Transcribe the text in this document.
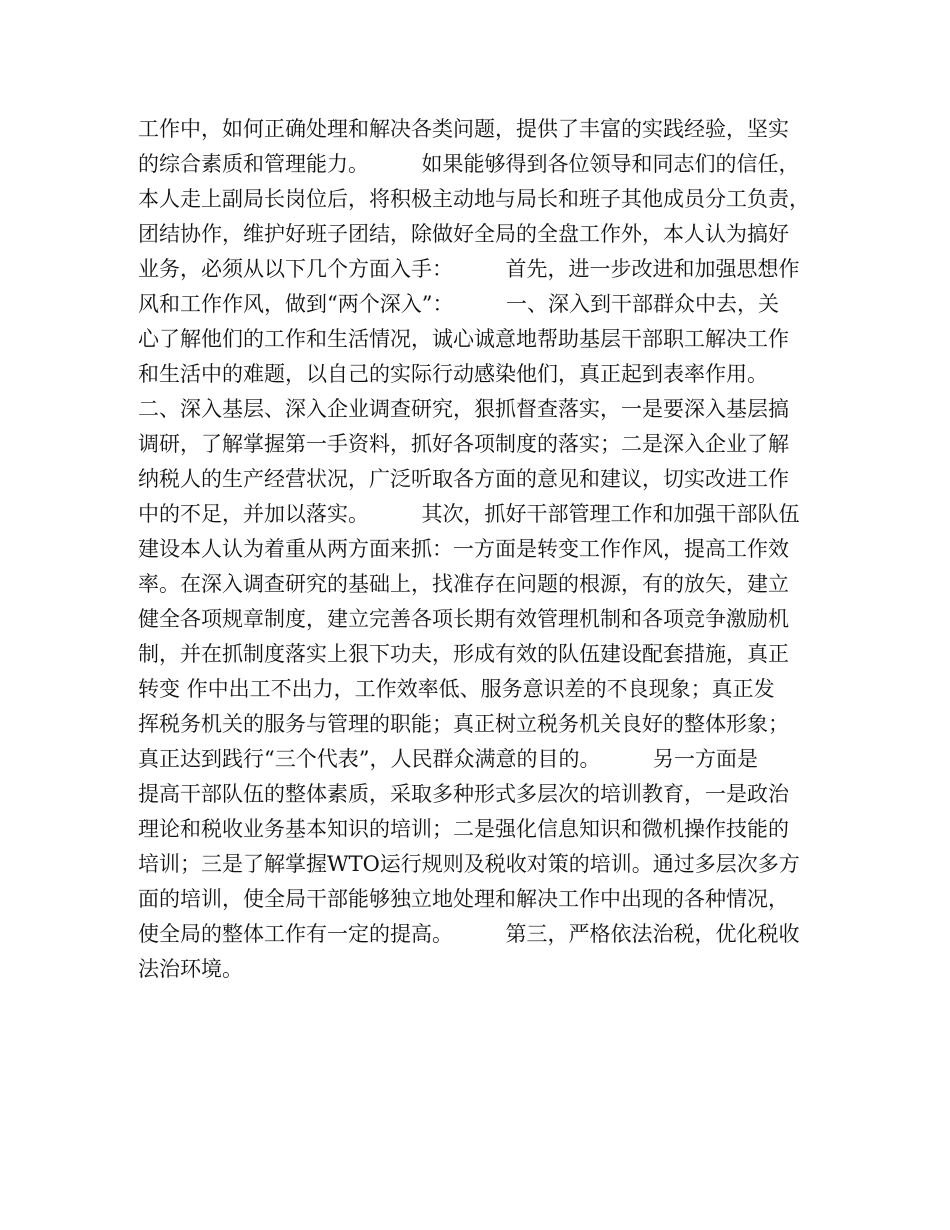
工作中，如何正确处理和解决各类问题，提供了丰富的实践经验，坚实
的综合素质和管理能力。　　　如果能够得到各位领导和同志们的信任，
本人走上副局长岗位后，将积极主动地与局长和班子其他成员分工负责，
团结协作，维护好班子团结，除做好全局的全盘工作外，本人认为搞好
业务，必须从以下几个方面入手：　　　首先，进一步改进和加强思想作
风和工作作风，做到“两个深入”：　　　一、深入到干部群众中去，关
心了解他们的工作和生活情况，诚心诚意地帮助基层干部职工解决工作
和生活中的难题，以自己的实际行动感染他们，真正起到表率作用。
二、深入基层、深入企业调查研究，狠抓督查落实，一是要深入基层搞
调研，了解掌握第一手资料，抓好各项制度的落实；二是深入企业了解
纳税人的生产经营状况，广泛听取各方面的意见和建议，切实改进工作
中的不足，并加以落实。　　　其次，抓好干部管理工作和加强干部队伍
建设本人认为着重从两方面来抓：一方面是转变工作作风，提高工作效
率。在深入调查研究的基础上，找准存在问题的根源，有的放矢，建立
健全各项规章制度，建立完善各项长期有效管理机制和各项竞争激励机
制，并在抓制度落实上狠下功夫，形成有效的队伍建设配套措施，真正
转变 作中出工不出力，工作效率低、服务意识差的不良现象；真正发
挥税务机关的服务与管理的职能；真正树立税务机关良好的整体形象；
真正达到践行“三个代表”，人民群众满意的目的。　　　另一方面是
提高干部队伍的整体素质，采取多种形式多层次的培训教育，一是政治
理论和税收业务基本知识的培训；二是强化信息知识和微机操作技能的
培训；三是了解掌握WTO运行规则及税收对策的培训。通过多层次多方
面的培训，使全局干部能够独立地处理和解决工作中出现的各种情况，
使全局的整体工作有一定的提高。　　　第三，严格依法治税，优化税收
法治环境。
